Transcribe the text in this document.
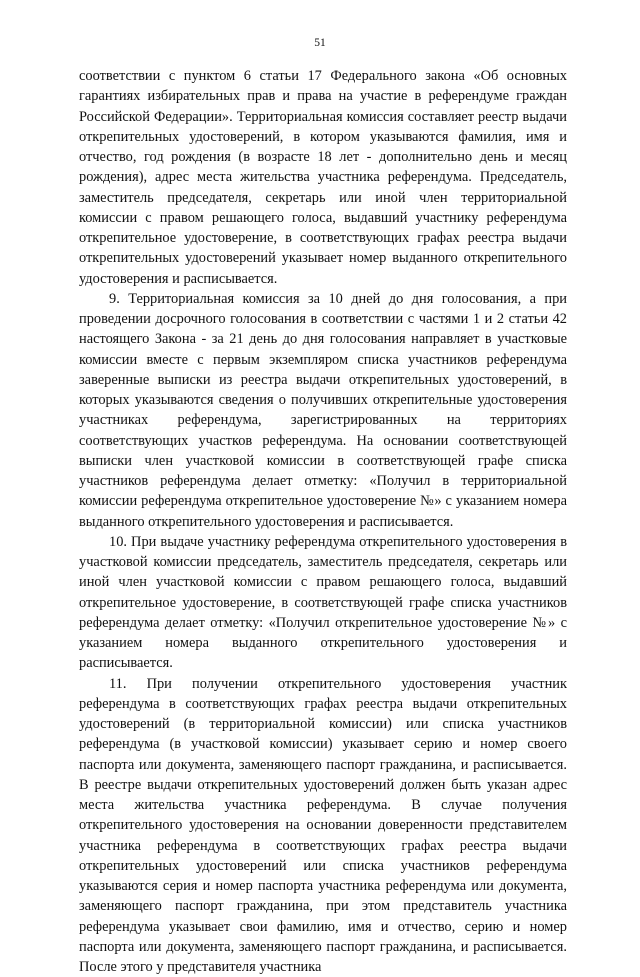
51

соответствии с пунктом 6 статьи 17 Федерального закона «Об основных гарантиях избирательных прав и права на участие в референдуме граждан Российской Федерации». Территориальная комиссия составляет реестр выдачи открепительных удостоверений, в котором указываются фамилия, имя и отчество, год рождения (в возрасте 18 лет - дополнительно день и месяц рождения), адрес места жительства участника референдума. Председатель, заместитель председателя, секретарь или иной член территориальной комиссии с правом решающего голоса, выдавший участнику референдума открепительное удостоверение, в соответствующих графах реестра выдачи открепительных удостоверений указывает номер выданного открепительного удостоверения и расписывается.

9. Территориальная комиссия за 10 дней до дня голосования, а при проведении досрочного голосования в соответствии с частями 1 и 2 статьи 42 настоящего Закона - за 21 день до дня голосования направляет в участковые комиссии вместе с первым экземпляром списка участников референдума заверенные выписки из реестра выдачи открепительных удостоверений, в которых указываются сведения о получивших открепительные удостоверения участниках референдума, зарегистрированных на территориях соответствующих участков референдума. На основании соответствующей выписки член участковой комиссии в соответствующей графе списка участников референдума делает отметку: «Получил в территориальной комиссии референдума открепительное удостоверение №» с указанием номера выданного открепительного удостоверения и расписывается.

10. При выдаче участнику референдума открепительного удостоверения в участковой комиссии председатель, заместитель председателя, секретарь или иной член участковой комиссии с правом решающего голоса, выдавший открепительное удостоверение, в соответствующей графе списка участников референдума делает отметку: «Получил открепительное удостоверение №» с указанием номера выданного открепительного удостоверения и расписывается.

11. При получении открепительного удостоверения участник референдума в соответствующих графах реестра выдачи открепительных удостоверений (в территориальной комиссии) или списка участников референдума (в участковой комиссии) указывает серию и номер своего паспорта или документа, заменяющего паспорт гражданина, и расписывается. В реестре выдачи открепительных удостоверений должен быть указан адрес места жительства участника референдума. В случае получения открепительного удостоверения на основании доверенности представителем участника референдума в соответствующих графах реестра выдачи открепительных удостоверений или списка участников референдума указываются серия и номер паспорта участника референдума или документа, заменяющего паспорт гражданина, при этом представитель участника референдума указывает свои фамилию, имя и отчество, серию и номер паспорта или документа, заменяющего паспорт гражданина, и расписывается. После этого у представителя участника
